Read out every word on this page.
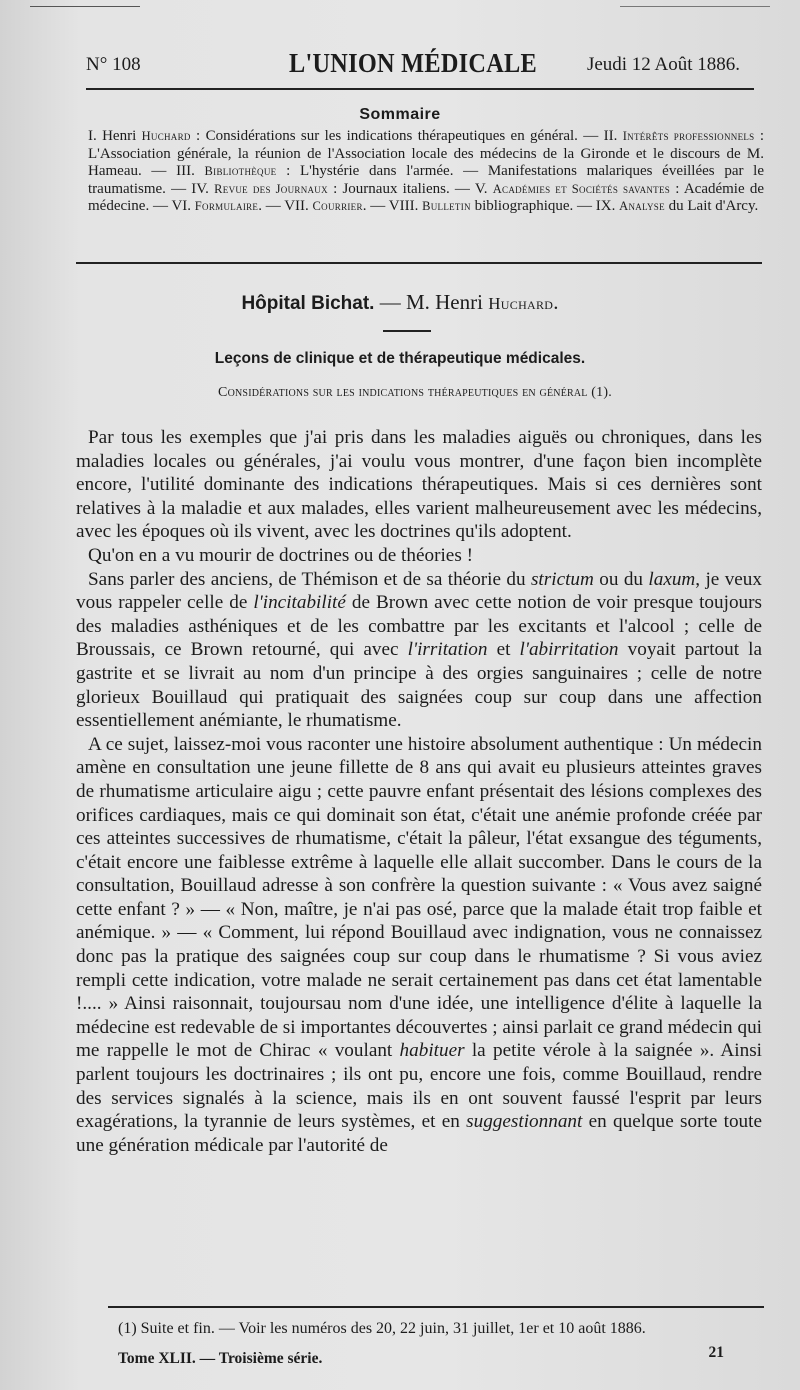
N° 108	L'UNION MÉDICALE	Jeudi 12 Août 1886.
Sommaire
I. Henri Huchard : Considérations sur les indications thérapeutiques en général. — II. Intérêts professionnels : L'Association générale, la réunion de l'Association locale des médecins de la Gironde et le discours de M. Hameau. — III. Bibliothèque : L'hystérie dans l'armée. — Manifestations malariques éveillées par le traumatisme. — IV. Revue des Journaux : Journaux italiens. — V. Académies et Sociétés savantes : Académie de médecine. — VI. Formulaire. — VII. Courrier. — VIII. Bulletin bibliographique. — IX. Analyse du Lait d'Arcy.
Hôpital Bichat. — M. Henri Huchard.
Leçons de clinique et de thérapeutique médicales.
Considérations sur les indications thérapeutiques en général (1).

Par tous les exemples que j'ai pris dans les maladies aiguës ou chroniques, dans les maladies locales ou générales, j'ai voulu vous montrer, d'une façon bien incomplète encore, l'utilité dominante des indications thérapeutiques. Mais si ces dernières sont relatives à la maladie et aux malades, elles varient malheureusement avec les médecins, avec les époques où ils vivent, avec les doctrines qu'ils adoptent.

Qu'on en a vu mourir de doctrines ou de théories !

Sans parler des anciens, de Thémison et de sa théorie du strictum ou du laxum, je veux vous rappeler celle de l'incitabilité de Brown avec cette notion de voir presque toujours des maladies asthéniques et de les combattre par les excitants et l'alcool ; celle de Broussais, ce Brown retourné, qui avec l'irritation et l'abirritation voyait partout la gastrite et se livrait au nom d'un principe à des orgies sanguinaires ; celle de notre glorieux Bouillaud qui pratiquait des saignées coup sur coup dans une affection essentiellement anémiante, le rhumatisme.

A ce sujet, laissez-moi vous raconter une histoire absolument authentique : Un médecin amène en consultation une jeune fillette de 8 ans qui avait eu plusieurs atteintes graves de rhumatisme articulaire aigu ; cette pauvre enfant présentait des lésions complexes des orifices cardiaques, mais ce qui dominait son état, c'était une anémie profonde créée par ces atteintes successives de rhumatisme, c'était la pâleur, l'état exsangue des téguments, c'était encore une faiblesse extrême à laquelle elle allait succomber. Dans le cours de la consultation, Bouillaud adresse à son confrère la question suivante : « Vous avez saigné cette enfant ? » — « Non, maître, je n'ai pas osé, parce que la malade était trop faible et anémique. » — « Comment, lui répond Bouillaud avec indignation, vous ne connaissez donc pas la pratique des saignées coup sur coup dans le rhumatisme ? Si vous aviez rempli cette indication, votre malade ne serait certainement pas dans cet état lamentable !.... » Ainsi raisonnait, toujoursau nom d'une idée, une intelligence d'élite à laquelle la médecine est redevable de si importantes découvertes ; ainsi parlait ce grand médecin qui me rappelle le mot de Chirac « voulant habituer la petite vérole à la saignée ». Ainsi parlent toujours les doctrinaires ; ils ont pu, encore une fois, comme Bouillaud, rendre des services signalés à la science, mais ils en ont souvent faussé l'esprit par leurs exagérations, la tyrannie de leurs systèmes, et en suggestionnant en quelque sorte toute une génération médicale par l'autorité de

(1) Suite et fin. — Voir les numéros des 20, 22 juin, 31 juillet, 1er et 10 août 1886.
Tome XLII. — Troisième série.	21
